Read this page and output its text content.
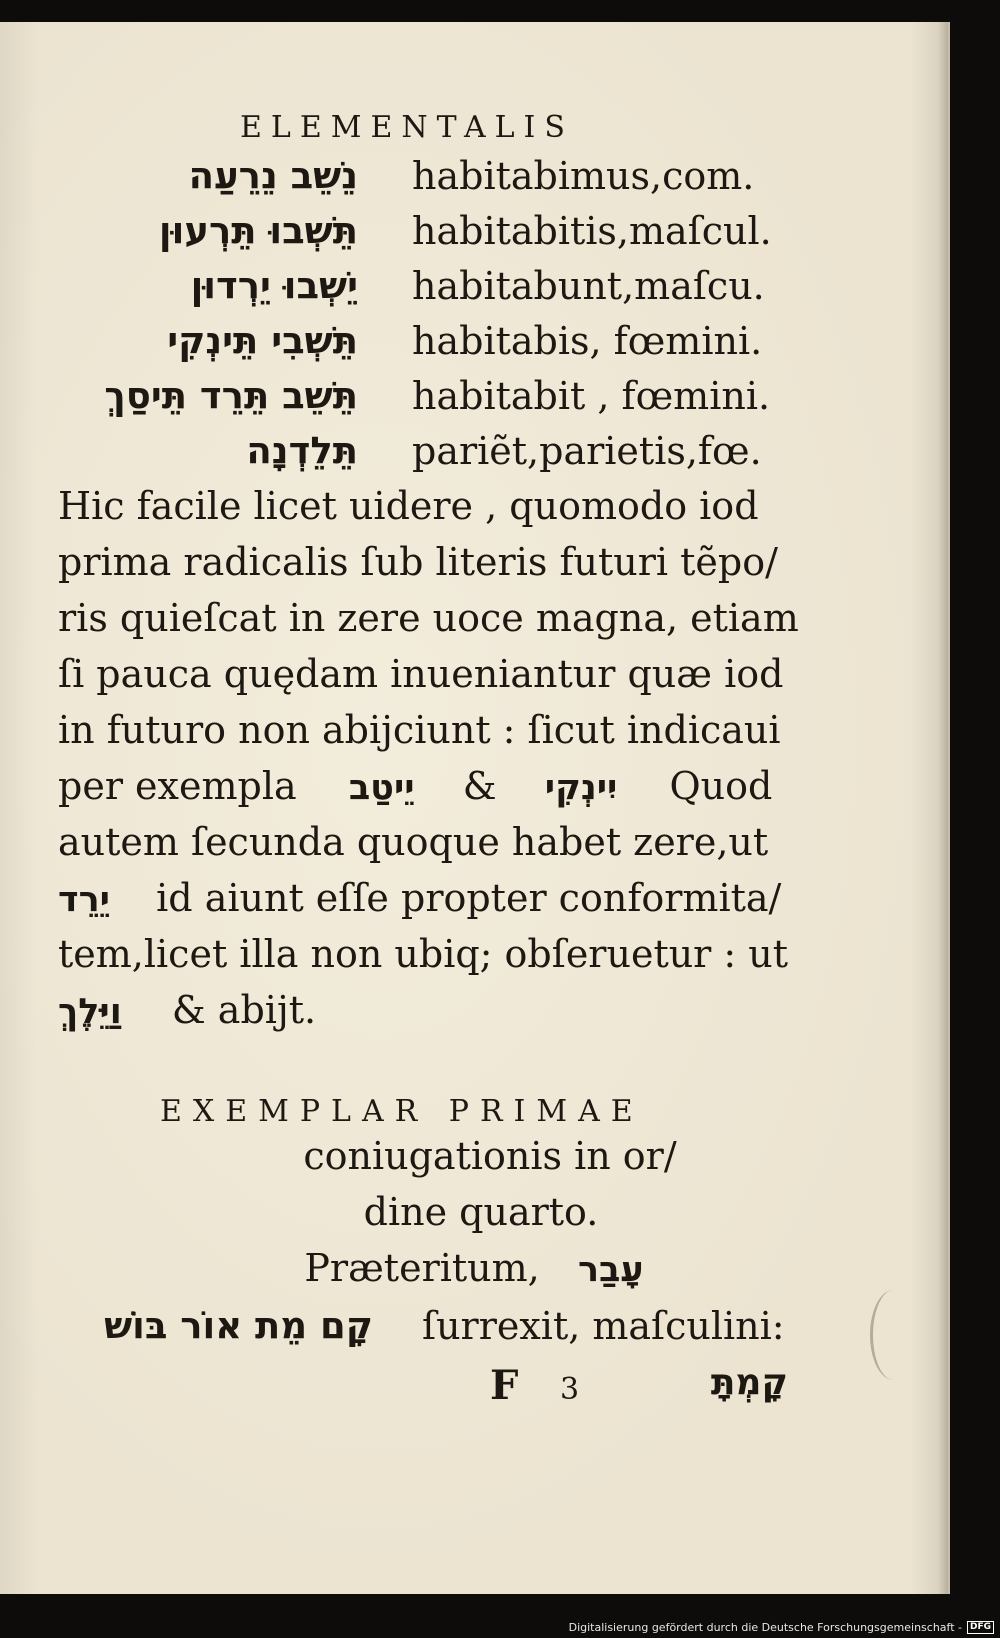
ELEMENTALIS
נֵשֵׁב נֵרֵעַה habitabimus,com.
תֵּשְׁבוּ תֵּרְעוּן habitabitis,maſcul.
יֵשְׁבוּ יֵרְדוּן habitabunt,maſcu.
תֵּשְׁבִי תֵּינְקִי habitabis, fœmini.
תֵּשֵׁב תֵּרֵד תֵּיסַךְ habitabit , fœmini.
תֵּלֵדְנָה pariẽt,parietis,fœ.
Hic facile licet uidere , quomodo iod
prima radicalis ſub literis futuri tẽpo/
ris quieſcat in zere uoce magna, etiam
ſi pauca quędam inueniantur quæ iod
in futuro non abijciunt : ſicut indicaui
per exempla יֵיטַב & יִינְקִי Quod
autem ſecunda quoque habet zere,ut
יֵרֵד id aiunt eſſe propter conformita/
tem,licet illa non ubiq; obſeruetur : ut
וַיֵּלֶךְ & abijt.
EXEMPLAR PRIMAE
coniugationis in or/
dine quarto.
Præteritum, עָבַר
קָם מֵת אוֹר בּוֹשׁ ſurrexit, maſculini:
F 3	קָמְתָּ
Digitalisierung gefördert durch die Deutsche Forschungsgemeinschaft - DFG
